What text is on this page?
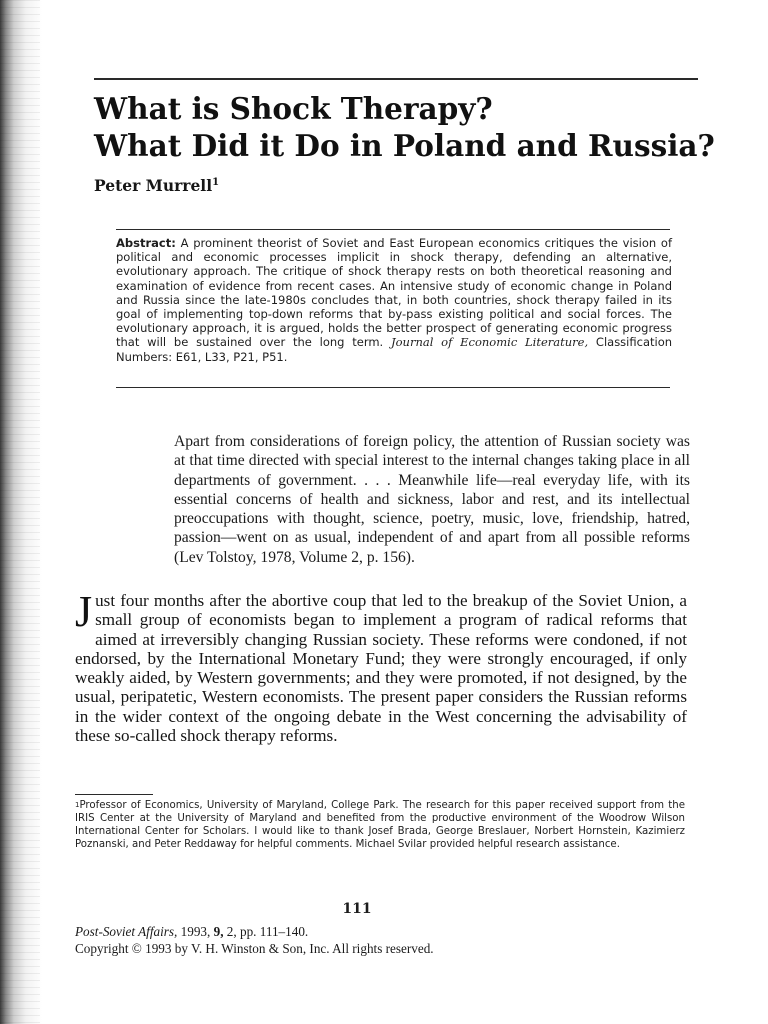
What is Shock Therapy?
What Did it Do in Poland and Russia?
Peter Murrell$^1$

Abstract: A prominent theorist of Soviet and East European economics critiques the vision of political and economic processes implicit in shock therapy, defending an alternative, evolutionary approach. The critique of shock therapy rests on both theoretical reasoning and examination of evidence from recent cases. An intensive study of economic change in Poland and Russia since the late-1980s concludes that, in both countries, shock therapy failed in its goal of implementing top-down reforms that by-pass existing political and social forces. The evolutionary approach, it is argued, holds the better prospect of generating economic progress that will be sustained over the long term. Journal of Economic Literature, Classification Numbers: E61, L33, P21, P51.

Apart from considerations of foreign policy, the attention of Russian society was at that time directed with special interest to the internal changes taking place in all departments of government. . . . Meanwhile life—real everyday life, with its essential concerns of health and sickness, labor and rest, and its intellectual preoccupations with thought, science, poetry, music, love, friendship, hatred, passion—went on as usual, independent of and apart from all possible reforms (Lev Tolstoy, 1978, Volume 2, p. 156).

Just four months after the abortive coup that led to the breakup of the Soviet Union, a small group of economists began to implement a program of radical reforms that aimed at irreversibly changing Russian society. These reforms were condoned, if not endorsed, by the International Monetary Fund; they were strongly encouraged, if only weakly aided, by Western governments; and they were promoted, if not designed, by the usual, peripatetic, Western economists. The present paper considers the Russian reforms in the wider context of the ongoing debate in the West concerning the advisability of these so-called shock therapy reforms.

$^1$Professor of Economics, University of Maryland, College Park. The research for this paper received support from the IRIS Center at the University of Maryland and benefited from the productive environment of the Woodrow Wilson International Center for Scholars. I would like to thank Josef Brada, George Breslauer, Norbert Hornstein, Kazimierz Poznanski, and Peter Reddaway for helpful comments. Michael Svilar provided helpful research assistance.

111
Post-Soviet Affairs, 1993, 9, 2, pp. 111–140.
Copyright © 1993 by V. H. Winston & Son, Inc. All rights reserved.
